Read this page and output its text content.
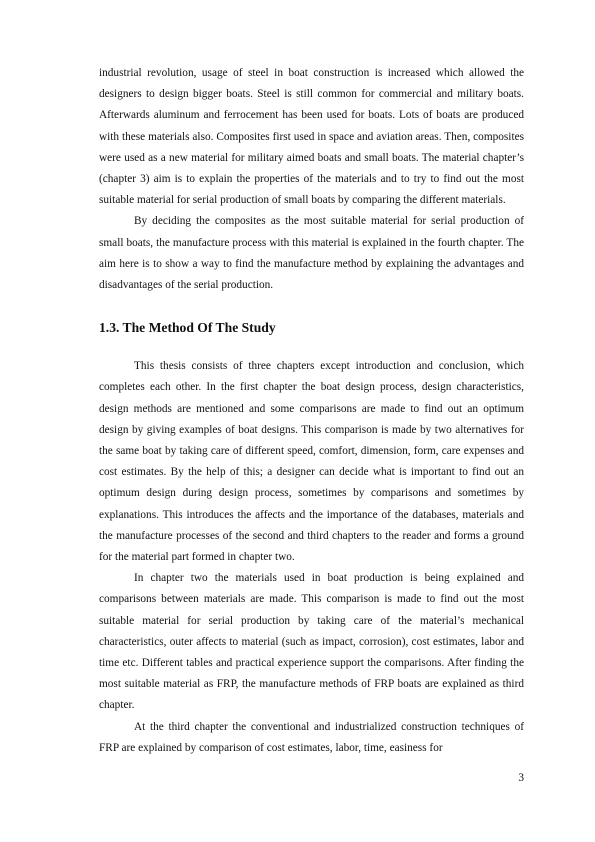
industrial revolution, usage of steel in boat construction is increased which allowed the designers to design bigger boats. Steel is still common for commercial and military boats. Afterwards aluminum and ferrocement has been used for boats. Lots of boats are produced with these materials also. Composites first used in space and aviation areas. Then, composites were used as a new material for military aimed boats and small boats. The material chapter’s (chapter 3) aim is to explain the properties of the materials and to try to find out the most suitable material for serial production of small boats by comparing the different materials.

By deciding the composites as the most suitable material for serial production of small boats, the manufacture process with this material is explained in the fourth chapter. The aim here is to show a way to find the manufacture method by explaining the advantages and disadvantages of the serial production.

1.3. The Method Of The Study

This thesis consists of three chapters except introduction and conclusion, which completes each other. In the first chapter the boat design process, design characteristics, design methods are mentioned and some comparisons are made to find out an optimum design by giving examples of boat designs. This comparison is made by two alternatives for the same boat by taking care of different speed, comfort, dimension, form, care expenses and cost estimates. By the help of this; a designer can decide what is important to find out an optimum design during design process, sometimes by comparisons and sometimes by explanations. This introduces the affects and the importance of the databases, materials and the manufacture processes of the second and third chapters to the reader and forms a ground for the material part formed in chapter two.

In chapter two the materials used in boat production is being explained and comparisons between materials are made. This comparison is made to find out the most suitable material for serial production by taking care of the material’s mechanical characteristics, outer affects to material (such as impact, corrosion), cost estimates, labor and time etc. Different tables and practical experience support the comparisons. After finding the most suitable material as FRP, the manufacture methods of FRP boats are explained as third chapter.

At the third chapter the conventional and industrialized construction techniques of FRP are explained by comparison of cost estimates, labor, time, easiness for

3
